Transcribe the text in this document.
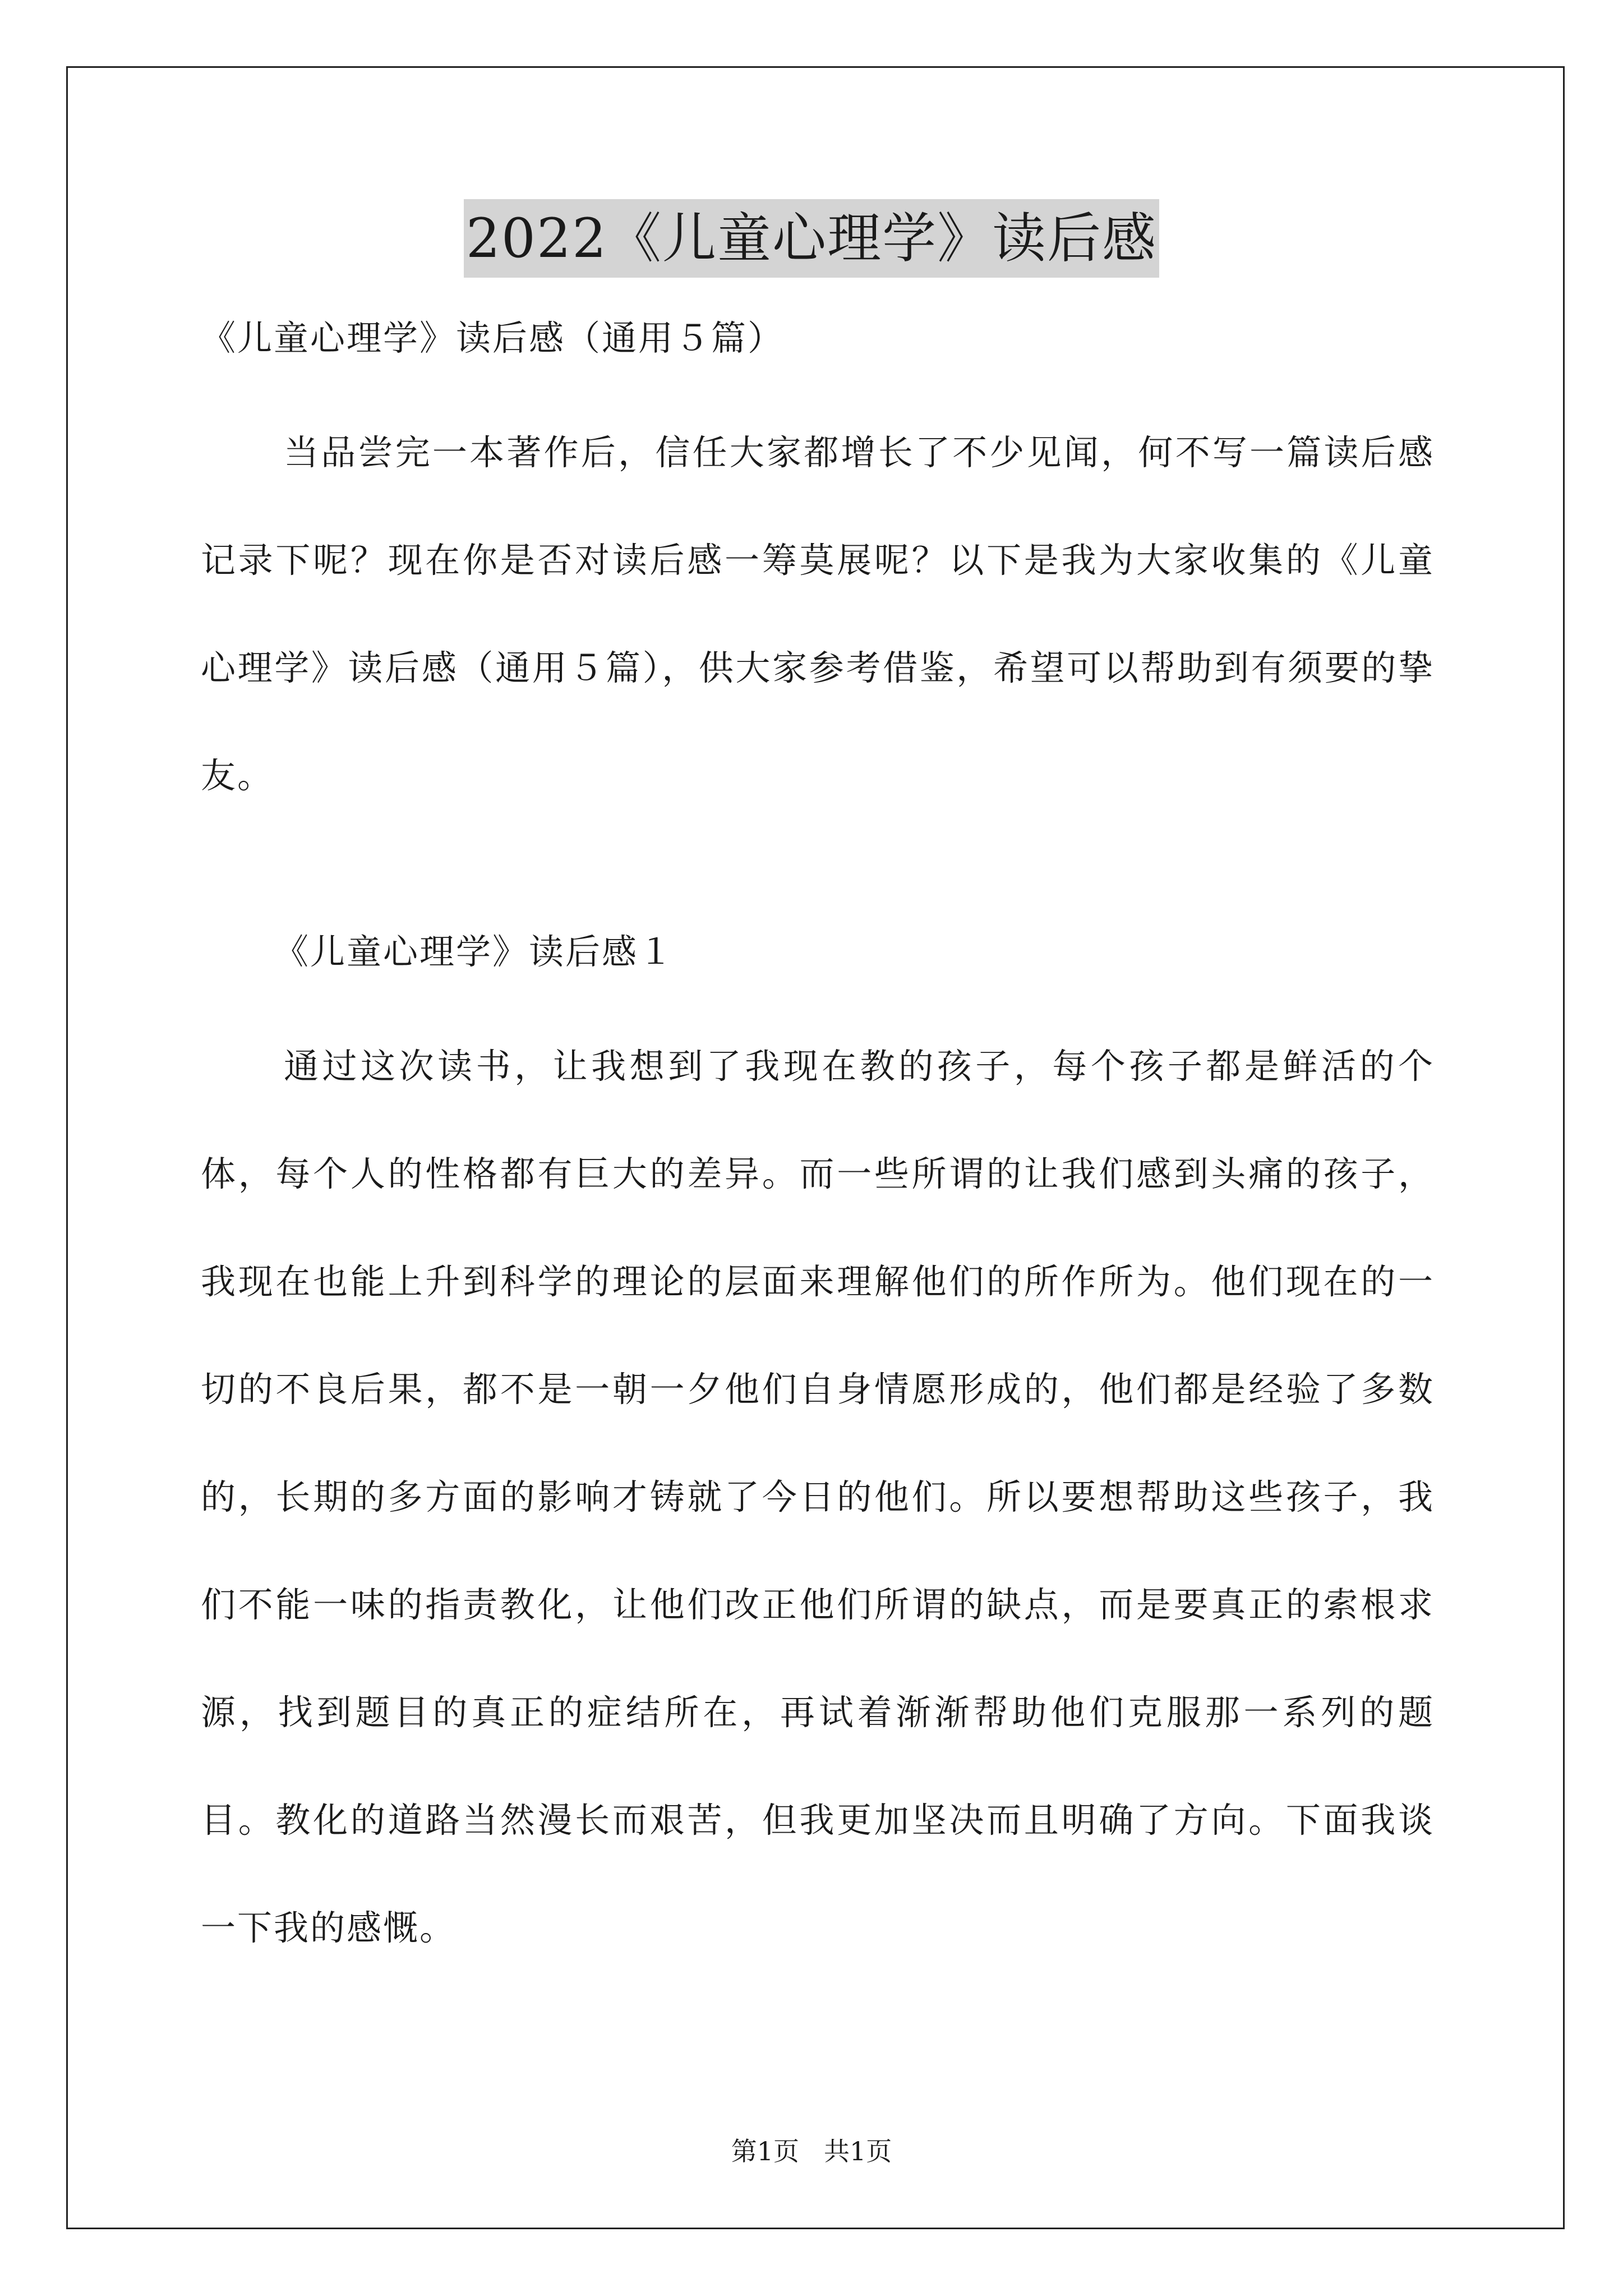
2022《儿童心理学》读后感

《儿童心理学》读后感（通用５篇）

当品尝完一本著作后，信任大家都增长了不少见闻，何不写一篇读后感记录下呢？现在你是否对读后感一筹莫展呢？以下是我为大家收集的《儿童心理学》读后感（通用５篇），供大家参考借鉴，希望可以帮助到有须要的挚友。

《儿童心理学》读后感１

通过这次读书，让我想到了我现在教的孩子，每个孩子都是鲜活的个体，每个人的性格都有巨大的差异。而一些所谓的让我们感到头痛的孩子，我现在也能上升到科学的理论的层面来理解他们的所作所为。他们现在的一切的不良后果，都不是一朝一夕他们自身情愿形成的，他们都是经验了多数的，长期的多方面的影响才铸就了今日的他们。所以要想帮助这些孩子，我们不能一味的指责教化，让他们改正他们所谓的缺点，而是要真正的索根求源，找到题目的真正的症结所在，再试着渐渐帮助他们克服那一系列的题目。教化的道路当然漫长而艰苦，但我更加坚决而且明确了方向。下面我谈一下我的感慨。

第1页 共1页
